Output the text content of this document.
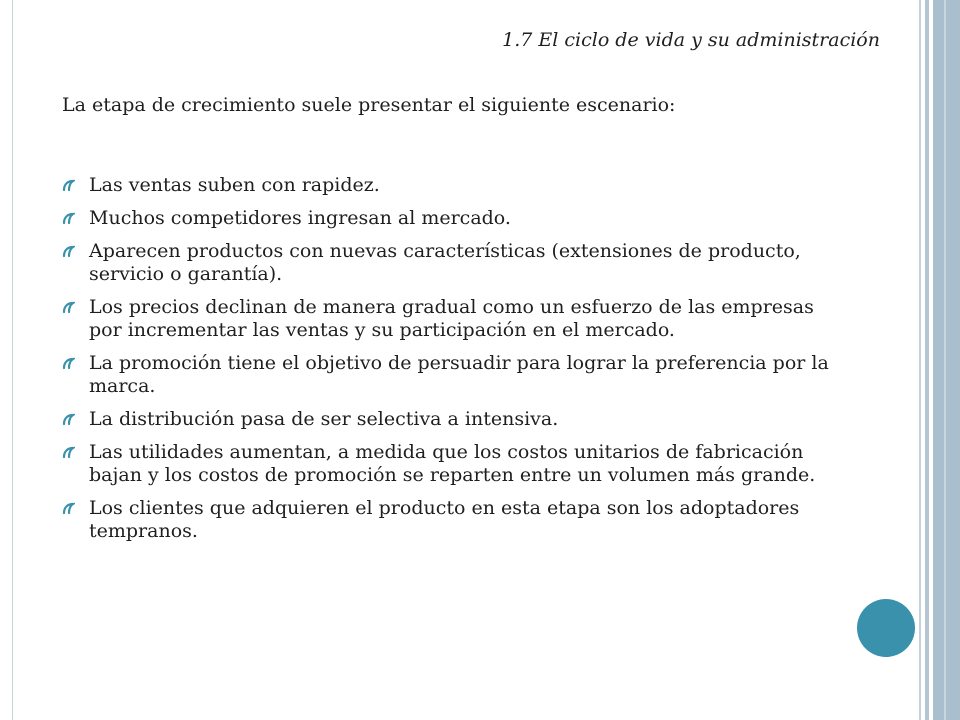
1.7 El ciclo de vida y su administración

La etapa de crecimiento suele presentar el siguiente escenario:

Las ventas suben con rapidez.
Muchos competidores ingresan al mercado.
Aparecen productos con nuevas características (extensiones de producto, servicio o garantía).
Los precios declinan de manera gradual como un esfuerzo de las empresas por incrementar las ventas y su participación en el mercado.
La promoción tiene el objetivo de persuadir para lograr la preferencia por la marca.
La distribución pasa de ser selectiva a intensiva.
Las utilidades aumentan, a medida que los costos unitarios de fabricación bajan y los costos de promoción se reparten entre un volumen más grande.
Los clientes que adquieren el producto en esta etapa son los adoptadores tempranos.
